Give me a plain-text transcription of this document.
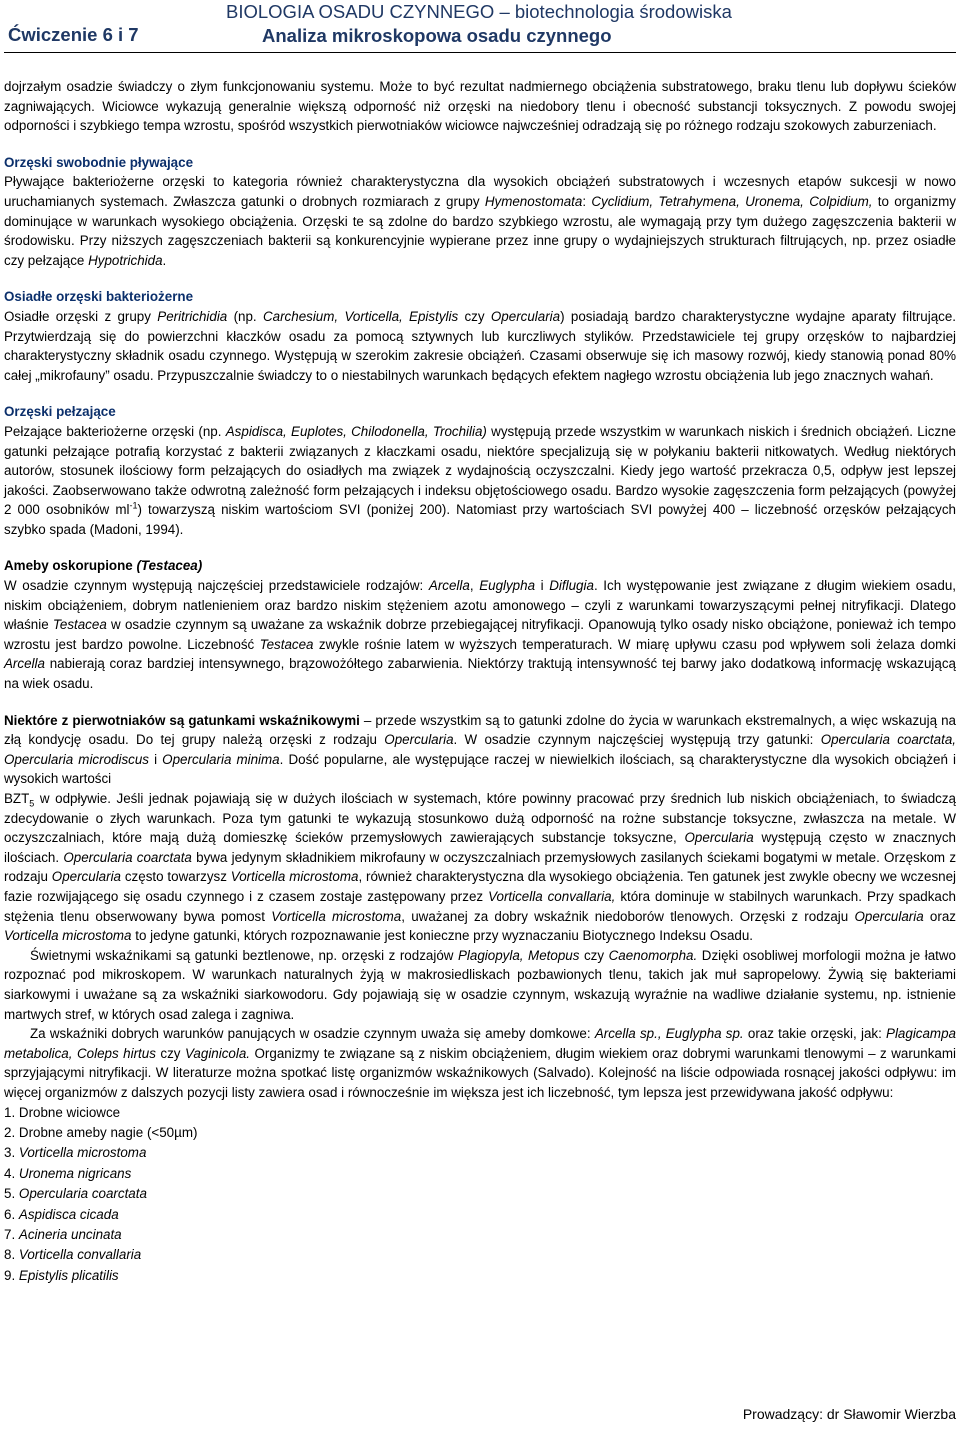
Ćwiczenie 6 i 7
BIOLOGIA OSADU CZYNNEGO – biotechnologia środowiska
Analiza mikroskopowa osadu czynnego

dojrzałym osadzie świadczy o złym funkcjonowaniu systemu. Może to być rezultat nadmiernego obciążenia substratowego, braku tlenu lub dopływu ścieków zagniwających. Wiciowce wykazują generalnie większą odporność niż orzęski na niedobory tlenu i obecność substancji toksycznych. Z powodu swojej odporności i szybkiego tempa wzrostu, spośród wszystkich pierwotniaków wiciowce najwcześniej odradzają się po różnego rodzaju szokowych zaburzeniach.

Orzęski swobodnie pływające

Pływające bakteriożerne orzęski to kategoria również charakterystyczna dla wysokich obciążeń substratowych i wczesnych etapów sukcesji w nowo uruchamianych systemach. Zwłaszcza gatunki o drobnych rozmiarach z grupy Hymenostomata: Cyclidium, Tetrahymena, Uronema, Colpidium, to organizmy dominujące w warunkach wysokiego obciążenia. Orzęski te są zdolne do bardzo szybkiego wzrostu, ale wymagają przy tym dużego zagęszczenia bakterii w środowisku. Przy niższych zagęszczeniach bakterii są konkurencyjnie wypierane przez inne grupy o wydajniejszych strukturach filtrujących, np. przez osiadłe czy pełzające Hypotrichida.

Osiadłe orzęski bakteriożerne

Osiadłe orzęski z grupy Peritrichidia (np. Carchesium, Vorticella, Epistylis czy Opercularia) posiadają bardzo charakterystyczne wydajne aparaty filtrujące. Przytwierdzają się do powierzchni kłaczków osadu za pomocą sztywnych lub kurczliwych stylików. Przedstawiciele tej grupy orzęsków to najbardziej charakterystyczny składnik osadu czynnego. Występują w szerokim zakresie obciążeń. Czasami obserwuje się ich masowy rozwój, kiedy stanowią ponad 80% całej „mikrofauny” osadu. Przypuszczalnie świadczy to o niestabilnych warunkach będących efektem nagłego wzrostu obciążenia lub jego znacznych wahań.

Orzęski pełzające

Pełzające bakteriożerne orzęski (np. Aspidisca, Euplotes, Chilodonella, Trochilia) występują przede wszystkim w warunkach niskich i średnich obciążeń. Liczne gatunki pełzające potrafią korzystać z bakterii związanych z kłaczkami osadu, niektóre specjalizują się w połykaniu bakterii nitkowatych. Według niektórych autorów, stosunek ilościowy form pełzających do osiadłych ma związek z wydajnością oczyszczalni. Kiedy jego wartość przekracza 0,5, odpływ jest lepszej jakości. Zaobserwowano także odwrotną zależność form pełzających i indeksu objętościowego osadu. Bardzo wysokie zagęszczenia form pełzających (powyżej 2 000 osobników $ml^{-1}$) towarzyszą niskim wartościom SVI (poniżej 200). Natomiast przy wartościach SVI powyżej 400 – liczebność orzęsków pełzających szybko spada (Madoni, 1994).

Ameby oskorupione (Testacea)

W osadzie czynnym występują najczęściej przedstawiciele rodzajów: Arcella, Euglypha i Diflugia. Ich występowanie jest związane z długim wiekiem osadu, niskim obciążeniem, dobrym natlenieniem oraz bardzo niskim stężeniem azotu amonowego – czyli z warunkami towarzyszącymi pełnej nitryfikacji. Dlatego właśnie Testacea w osadzie czynnym są uważane za wskaźnik dobrze przebiegającej nitryfikacji. Opanowują tylko osady nisko obciążone, ponieważ ich tempo wzrostu jest bardzo powolne. Liczebność Testacea zwykle rośnie latem w wyższych temperaturach. W miarę upływu czasu pod wpływem soli żelaza domki Arcella nabierają coraz bardziej intensywnego, brązowożółtego zabarwienia. Niektórzy traktują intensywność tej barwy jako dodatkową informację wskazującą na wiek osadu.

Niektóre z pierwotniaków są gatunkami wskaźnikowymi – przede wszystkim są to gatunki zdolne do życia w warunkach ekstremalnych, a więc wskazują na złą kondycję osadu. Do tej grupy należą orzęski z rodzaju Opercularia. W osadzie czynnym najczęściej występują trzy gatunki: Opercularia coarctata, Opercularia microdiscus i Opercularia minima. Dość popularne, ale występujące raczej w niewielkich ilościach, są charakterystyczne dla wysokich obciążeń i wysokich wartości
$BZT_5$ w odpływie. Jeśli jednak pojawiają się w dużych ilościach w systemach, które powinny pracować przy średnich lub niskich obciążeniach, to świadczą zdecydowanie o złych warunkach. Poza tym gatunki te wykazują stosunkowo dużą odporność na rożne substancje toksyczne, zwłaszcza na metale. W oczyszczalniach, które mają dużą domieszkę ścieków przemysłowych zawierających substancje toksyczne, Opercularia występują często w znacznych ilościach. Opercularia coarctata bywa jedynym składnikiem mikrofauny w oczyszczalniach przemysłowych zasilanych ściekami bogatymi w metale. Orzęskom z rodzaju Opercularia często towarzysz Vorticella microstoma, również charakterystyczna dla wysokiego obciążenia. Ten gatunek jest zwykle obecny we wczesnej fazie rozwijającego się osadu czynnego i z czasem zostaje zastępowany przez Vorticella convallaria, która dominuje w stabilnych warunkach. Przy spadkach stężenia tlenu obserwowany bywa pomost Vorticella microstoma, uważanej za dobry wskaźnik niedoborów tlenowych. Orzęski z rodzaju Opercularia oraz Vorticella microstoma to jedyne gatunki, których rozpoznawanie jest konieczne przy wyznaczaniu Biotycznego Indeksu Osadu.

Świetnymi wskaźnikami są gatunki beztlenowe, np. orzęski z rodzajów Plagiopyla, Metopus czy Caenomorpha. Dzięki osobliwej morfologii można je łatwo rozpoznać pod mikroskopem. W warunkach naturalnych żyją w makrosiedliskach pozbawionych tlenu, takich jak muł sapropelowy. Żywią się bakteriami siarkowymi i uważane są za wskaźniki siarkowodoru. Gdy pojawiają się w osadzie czynnym, wskazują wyraźnie na wadliwe działanie systemu, np. istnienie martwych stref, w których osad zalega i zagniwa.

Za wskaźniki dobrych warunków panujących w osadzie czynnym uważa się ameby domkowe: Arcella sp., Euglypha sp. oraz takie orzęski, jak: Plagicampa metabolica, Coleps hirtus czy Vaginicola. Organizmy te związane są z niskim obciążeniem, długim wiekiem oraz dobrymi warunkami tlenowymi – z warunkami sprzyjającymi nitryfikacji. W literaturze można spotkać listę organizmów wskaźnikowych (Salvado). Kolejność na liście odpowiada rosnącej jakości odpływu: im więcej organizmów z dalszych pozycji listy zawiera osad i równocześnie im większa jest ich liczebność, tym lepsza jest przewidywana jakość odpływu:

1. Drobne wiciowce
2. Drobne ameby nagie (<50µm)
3. Vorticella microstoma
4. Uronema nigricans
5. Opercularia coarctata
6. Aspidisca cicada
7. Acineria uncinata
8. Vorticella convallaria
9. Epistylis plicatilis
Prowadzący: dr Sławomir Wierzba
